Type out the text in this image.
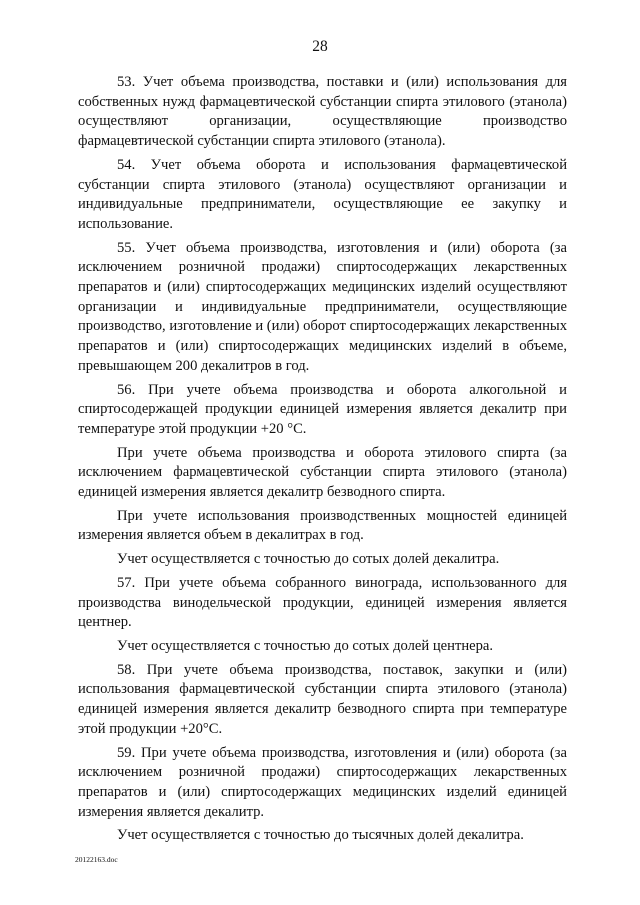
28

53. Учет объема производства, поставки и (или) использования для собственных нужд фармацевтической субстанции спирта этилового (этанола) осуществляют организации, осуществляющие производство фармацевтической субстанции спирта этилового (этанола).

54. Учет объема оборота и использования фармацевтической субстанции спирта этилового (этанола) осуществляют организации и индивидуальные предприниматели, осуществляющие ее закупку и использование.

55. Учет объема производства, изготовления и (или) оборота (за исключением розничной продажи) спиртосодержащих лекарственных препаратов и (или) спиртосодержащих медицинских изделий осуществляют организации и индивидуальные предприниматели, осуществляющие производство, изготовление и (или) оборот спиртосодержащих лекарственных препаратов и (или) спиртосодержащих медицинских изделий в объеме, превышающем 200 декалитров в год.

56. При учете объема производства и оборота алкогольной и спиртосодержащей продукции единицей измерения является декалитр при температуре этой продукции +20 °С.

При учете объема производства и оборота этилового спирта (за исключением фармацевтической субстанции спирта этилового (этанола) единицей измерения является декалитр безводного спирта.

При учете использования производственных мощностей единицей измерения является объем в декалитрах в год.

Учет осуществляется с точностью до сотых долей декалитра.

57. При учете объема собранного винограда, использованного для производства винодельческой продукции, единицей измерения является центнер.

Учет осуществляется с точностью до сотых долей центнера.

58. При учете объема производства, поставок, закупки и (или) использования фармацевтической субстанции спирта этилового (этанола) единицей измерения является декалитр безводного спирта при температуре этой продукции +20°С.

59. При учете объема производства, изготовления и (или) оборота (за исключением розничной продажи) спиртосодержащих лекарственных препаратов и (или) спиртосодержащих медицинских изделий единицей измерения является декалитр.

Учет осуществляется с точностью до тысячных долей декалитра.

20122163.doc
